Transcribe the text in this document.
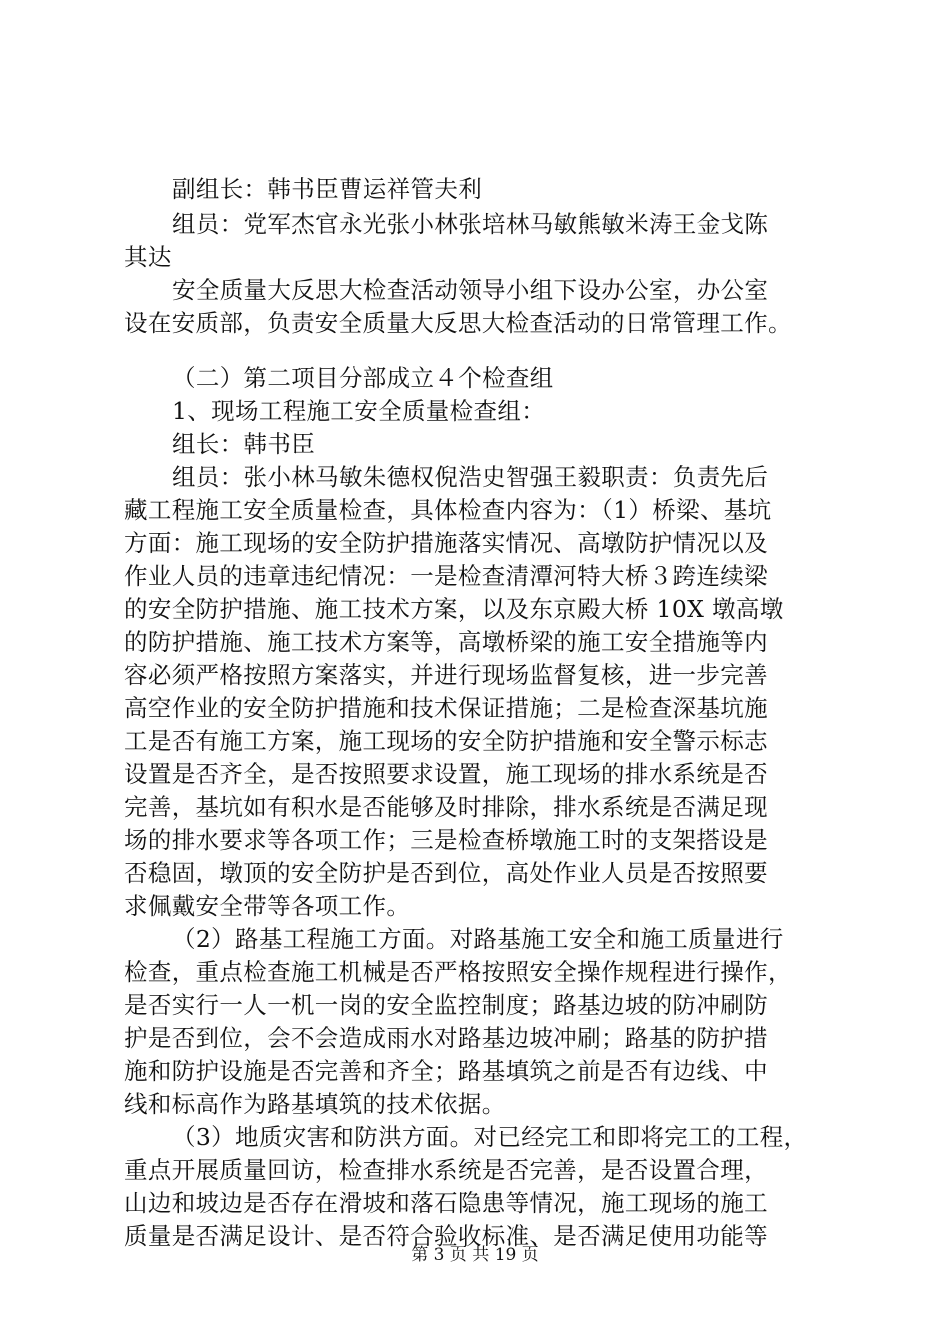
副组长：韩书臣曹运祥管夫利
组员：党军杰官永光张小林张培林马敏熊敏米涛王金戈陈
其达
安全质量大反思大检查活动领导小组下设办公室，办公室
设在安质部，负责安全质量大反思大检查活动的日常管理工作。
（二）第二项目分部成立４个检查组
1、现场工程施工安全质量检查组：
组长：韩书臣
组员：张小林马敏朱德权倪浩史智强王毅职责：负责先后
藏工程施工安全质量检查，具体检查内容为：（1）桥梁、基坑
方面：施工现场的安全防护措施落实情况、高墩防护情况以及
作业人员的违章违纪情况：一是检查清潭河特大桥３跨连续梁
的安全防护措施、施工技术方案，以及东京殿大桥 10X 墩高墩
的防护措施、施工技术方案等，高墩桥梁的施工安全措施等内
容必须严格按照方案落实，并进行现场监督复核，进一步完善
高空作业的安全防护措施和技术保证措施；二是检查深基坑施
工是否有施工方案，施工现场的安全防护措施和安全警示标志
设置是否齐全，是否按照要求设置，施工现场的排水系统是否
完善，基坑如有积水是否能够及时排除，排水系统是否满足现
场的排水要求等各项工作；三是检查桥墩施工时的支架搭设是
否稳固，墩顶的安全防护是否到位，高处作业人员是否按照要
求佩戴安全带等各项工作。
（2）路基工程施工方面。对路基施工安全和施工质量进行
检查，重点检查施工机械是否严格按照安全操作规程进行操作，
是否实行一人一机一岗的安全监控制度；路基边坡的防冲刷防
护是否到位，会不会造成雨水对路基边坡冲刷；路基的防护措
施和防护设施是否完善和齐全；路基填筑之前是否有边线、中
线和标高作为路基填筑的技术依据。
（3）地质灾害和防洪方面。对已经完工和即将完工的工程，
重点开展质量回访，检查排水系统是否完善，是否设置合理，
山边和坡边是否存在滑坡和落石隐患等情况，施工现场的施工
质量是否满足设计、是否符合验收标准、是否满足使用功能等
第 3 页 共 19 页
